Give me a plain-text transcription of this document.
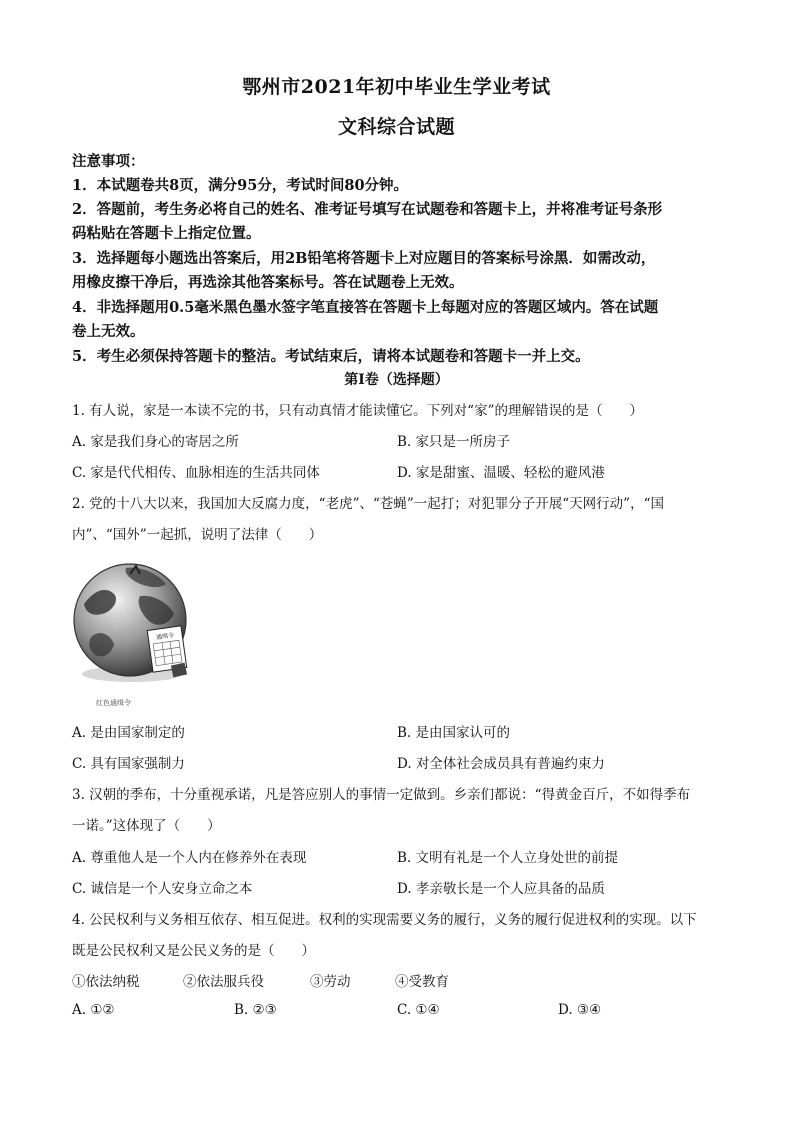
鄂州市2021年初中毕业生学业考试
文科综合试题
注意事项：
1．本试题卷共8页，满分95分，考试时间80分钟。
2．答题前，考生务必将自己的姓名、准考证号填写在试题卷和答题卡上，并将准考证号条形
码粘贴在答题卡上指定位置。
3．选择题每小题选出答案后，用2B铅笔将答题卡上对应题目的答案标号涂黑．如需改动，
用橡皮擦干净后，再选涂其他答案标号。答在试题卷上无效。
4．非选择题用0.5毫米黑色墨水签字笔直接答在答题卡上每题对应的答题区域内。答在试题
卷上无效。
5．考生必须保持答题卡的整洁。考试结束后，请将本试题卷和答题卡一并上交。
第Ⅰ卷（选择题）
1. 有人说，家是一本读不完的书，只有动真情才能读懂它。下列对“家”的理解错误的是（　　）
A. 家是我们身心的寄居之所	B. 家只是一所房子
C. 家是代代相传、血脉相连的生活共同体	D. 家是甜蜜、温暖、轻松的避风港
2. 党的十八大以来，我国加大反腐力度，“老虎”、“苍蝇”一起打；对犯罪分子开展“天网行动”，“国
内”、“国外”一起抓，说明了法律（　　）
通缉令
红色通缉令
A. 是由国家制定的	B. 是由国家认可的
C. 具有国家强制力	D. 对全体社会成员具有普遍约束力
3. 汉朝的季布，十分重视承诺，凡是答应别人的事情一定做到。乡亲们都说：“得黄金百斤，不如得季布
一诺。”这体现了（　　）
A. 尊重他人是一个人内在修养外在表现	B. 文明有礼是一个人立身处世的前提
C. 诚信是一个人安身立命之本	D. 孝亲敬长是一个人应具备的品质
4. 公民权利与义务相互依存、相互促进。权利的实现需要义务的履行，义务的履行促进权利的实现。以下
既是公民权利又是公民义务的是（　　）
①依法纳税	②依法服兵役	③劳动	④受教育
A. ①②	B. ②③	C. ①④	D. ③④
